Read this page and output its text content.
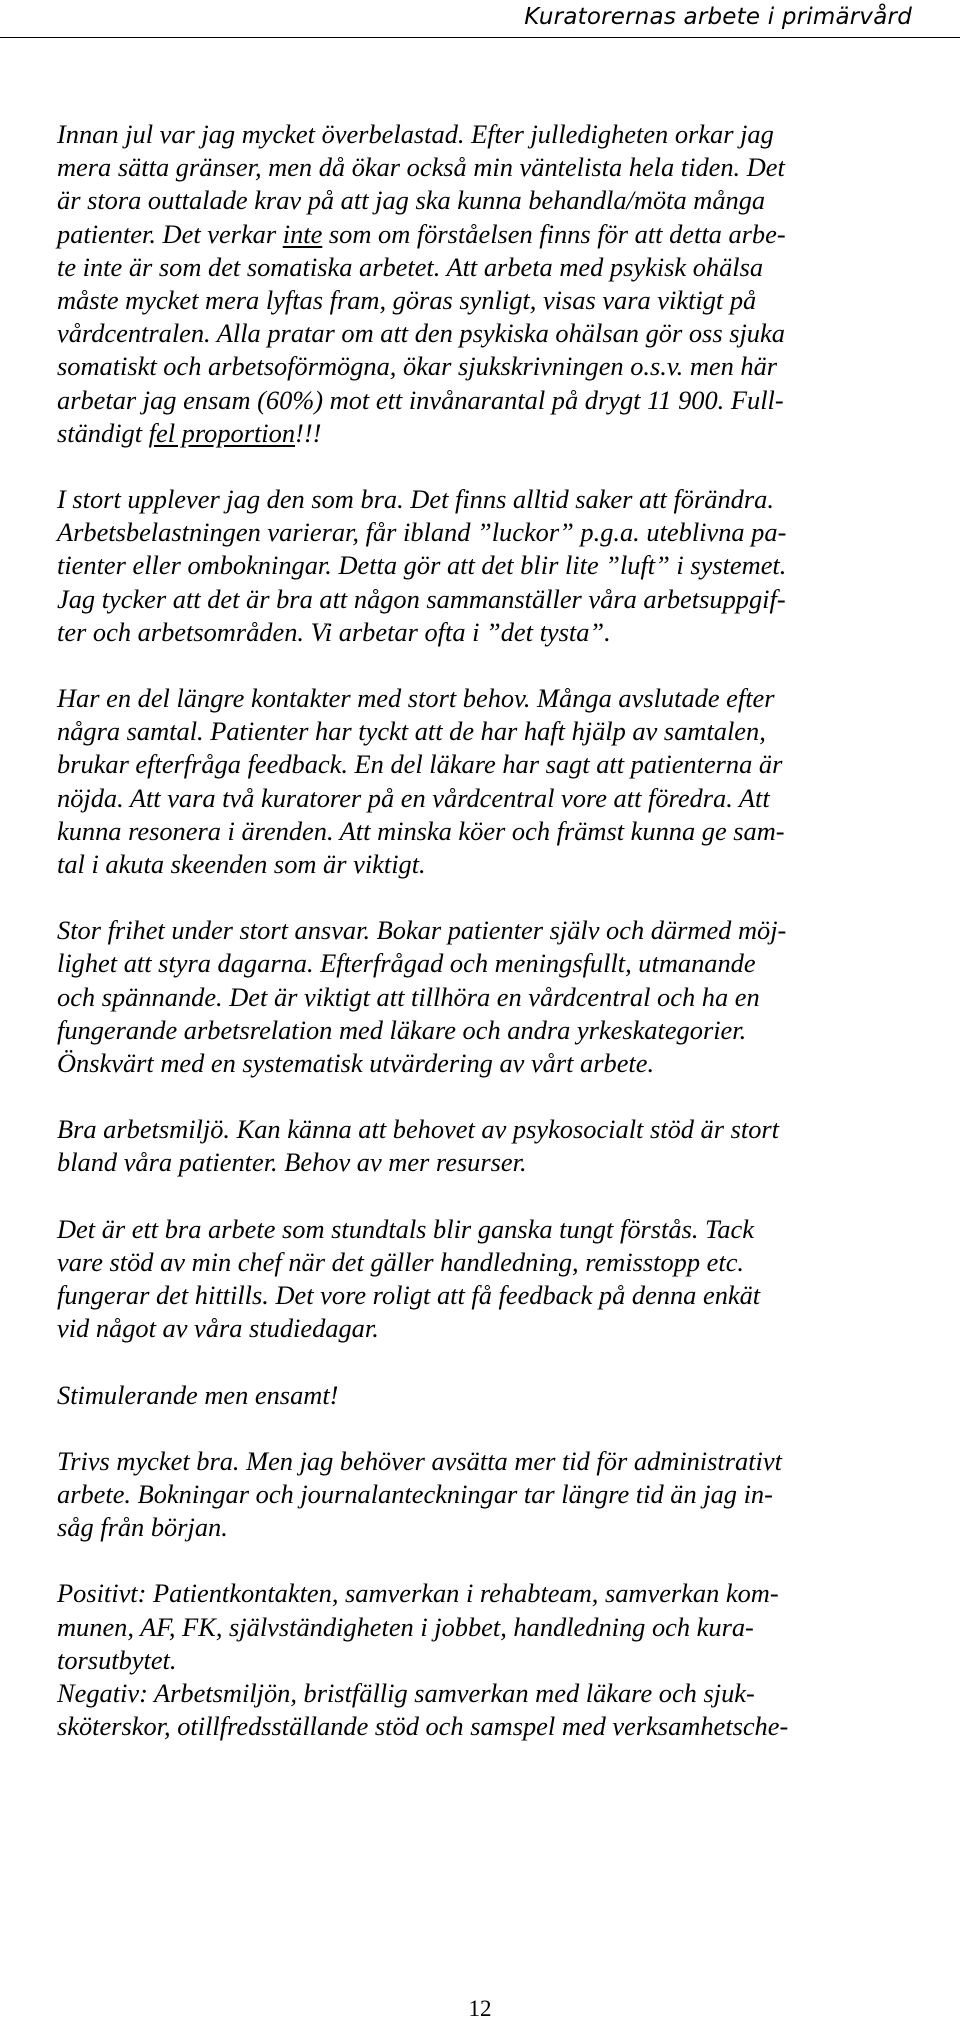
Kuratorernas arbete i primärvård
Innan jul var jag mycket överbelastad. Efter julledigheten orkar jag
mera sätta gränser, men då ökar också min väntelista hela tiden. Det
är stora outtalade krav på att jag ska kunna behandla/möta många
patienter. Det verkar inte som om förståelsen finns för att detta arbe-
te inte är som det somatiska arbetet. Att arbeta med psykisk ohälsa
måste mycket mera lyftas fram, göras synligt, visas vara viktigt på
vårdcentralen. Alla pratar om att den psykiska ohälsan gör oss sjuka
somatiskt och arbetsoförmögna, ökar sjukskrivningen o.s.v. men här
arbetar jag ensam (60%) mot ett invånarantal på drygt 11 900. Full-
ständigt fel proportion!!!
I stort upplever jag den som bra. Det finns alltid saker att förändra.
Arbetsbelastningen varierar, får ibland ”luckor” p.g.a. uteblivna pa-
tienter eller ombokningar. Detta gör att det blir lite ”luft” i systemet.
Jag tycker att det är bra att någon sammanställer våra arbetsuppgif-
ter och arbetsområden. Vi arbetar ofta i ”det tysta”.
Har en del längre kontakter med stort behov. Många avslutade efter
några samtal. Patienter har tyckt att de har haft hjälp av samtalen,
brukar efterfråga feedback. En del läkare har sagt att patienterna är
nöjda. Att vara två kuratorer på en vårdcentral vore att föredra. Att
kunna resonera i ärenden. Att minska köer och främst kunna ge sam-
tal i akuta skeenden som är viktigt.
Stor frihet under stort ansvar. Bokar patienter själv och därmed möj-
lighet att styra dagarna. Efterfrågad och meningsfullt, utmanande
och spännande. Det är viktigt att tillhöra en vårdcentral och ha en
fungerande arbetsrelation med läkare och andra yrkeskategorier.
Önskvärt med en systematisk utvärdering av vårt arbete.
Bra arbetsmiljö. Kan känna att behovet av psykosocialt stöd är stort
bland våra patienter. Behov av mer resurser.
Det är ett bra arbete som stundtals blir ganska tungt förstås. Tack
vare stöd av min chef när det gäller handledning, remisstopp etc.
fungerar det hittills. Det vore roligt att få feedback på denna enkät
vid något av våra studiedagar.
Stimulerande men ensamt!
Trivs mycket bra. Men jag behöver avsätta mer tid för administrativt
arbete. Bokningar och journalanteckningar tar längre tid än jag in-
såg från början.
Positivt: Patientkontakten, samverkan i rehabteam, samverkan kom-
munen, AF, FK, självständigheten i jobbet, handledning och kura-
torsutbytet.
Negativ: Arbetsmiljön, bristfällig samverkan med läkare och sjuk-
sköterskor, otillfredsställande stöd och samspel med verksamhetsche-
12
